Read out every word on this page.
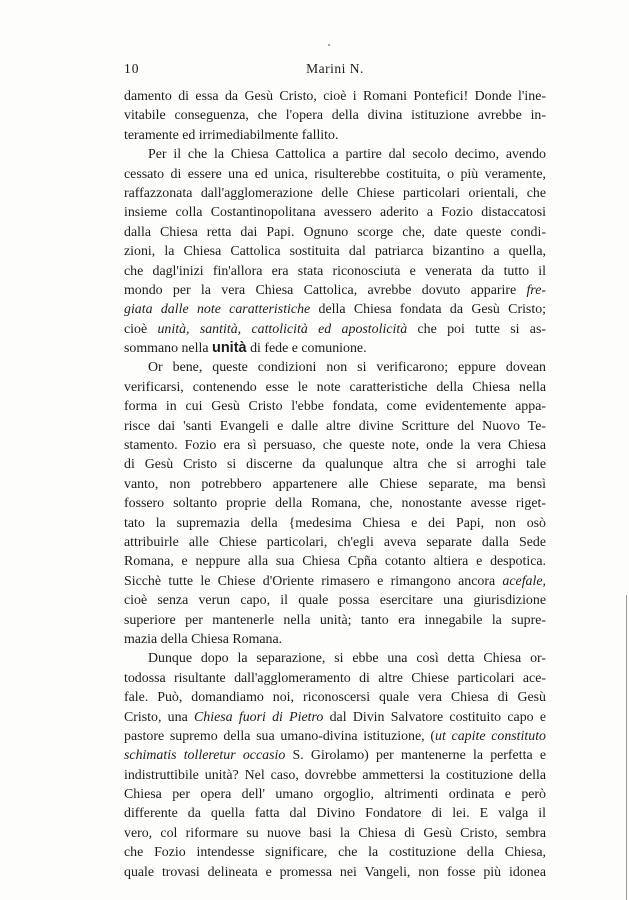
10	Marini N.
damento di essa da Gesù Cristo, cioè i Romani Pontefici! Donde l'ine-
vitabile conseguenza, che l'opera della divina istituzione avrebbe in-
teramente ed irrimediabilmente fallito.
Per il che la Chiesa Cattolica a partire dal secolo decimo, avendo
cessato di essere una ed unica, risulterebbe costituita, o più veramente,
raffazzonata dall'agglomerazione delle Chiese particolari orientali, che
insieme colla Costantinopolitana avessero aderito a Fozio distaccatosi
dalla Chiesa retta dai Papi. Ognuno scorge che, date queste condi-
zioni, la Chiesa Cattolica sostituita dal patriarca bizantino a quella,
che dagl'inizi fin'allora era stata riconosciuta e venerata da tutto il
mondo per la vera Chiesa Cattolica, avrebbe dovuto apparire fre-
giata dalle note caratteristiche della Chiesa fondata da Gesù Cristo;
cioè unità, santità, cattolicità ed apostolicità che poi tutte si as-
sommano nella unità di fede e comunione.
Or bene, queste condizioni non si verificarono; eppure dovean
verificarsi, contenendo esse le note caratteristiche della Chiesa nella
forma in cui Gesù Cristo l'ebbe fondata, come evidentemente appa-
risce dai 'santi Evangeli e dalle altre divine Scritture del Nuovo Te-
stamento. Fozio era sì persuaso, che queste note, onde la vera Chiesa
di Gesù Cristo si discerne da qualunque altra che si arroghi tale
vanto, non potrebbero appartenere alle Chiese separate, ma bensì
fossero soltanto proprie della Romana, che, nonostante avesse riget-
tato la supremazia della {medesima Chiesa e dei Papi, non osò
attribuirle alle Chiese particolari, ch'egli aveva separate dalla Sede
Romana, e neppure alla sua Chiesa Cpña cotanto altiera e despotica.
Sicchè tutte le Chiese d'Oriente rimasero e rimangono ancora acefale,
cioè senza verun capo, il quale possa esercitare una giurisdizione
superiore per mantenerle nella unità; tanto era innegabile la supre-
mazia della Chiesa Romana.
Dunque dopo la separazione, si ebbe una così detta Chiesa or-
todossa risultante dall'agglomeramento di altre Chiese particolari ace-
fale. Può, domandiamo noi, riconoscersi quale vera Chiesa di Gesù
Cristo, una Chiesa fuori di Pietro dal Divin Salvatore costituito capo e
pastore supremo della sua umano-divina istituzione, (ut capite constituto
schimatis tolleretur occasio S. Girolamo) per mantenerne la perfetta e
indistruttibile unità? Nel caso, dovrebbe ammettersi la costituzione della
Chiesa per opera dell' umano orgoglio, altrimenti ordinata e però
differente da quella fatta dal Divino Fondatore di lei. E valga il
vero, col riformare su nuove basi la Chiesa di Gesù Cristo, sembra
che Fozio intendesse significare, che la costituzione della Chiesa,
quale trovasi delineata e promessa nei Vangeli, non fosse più idonea
